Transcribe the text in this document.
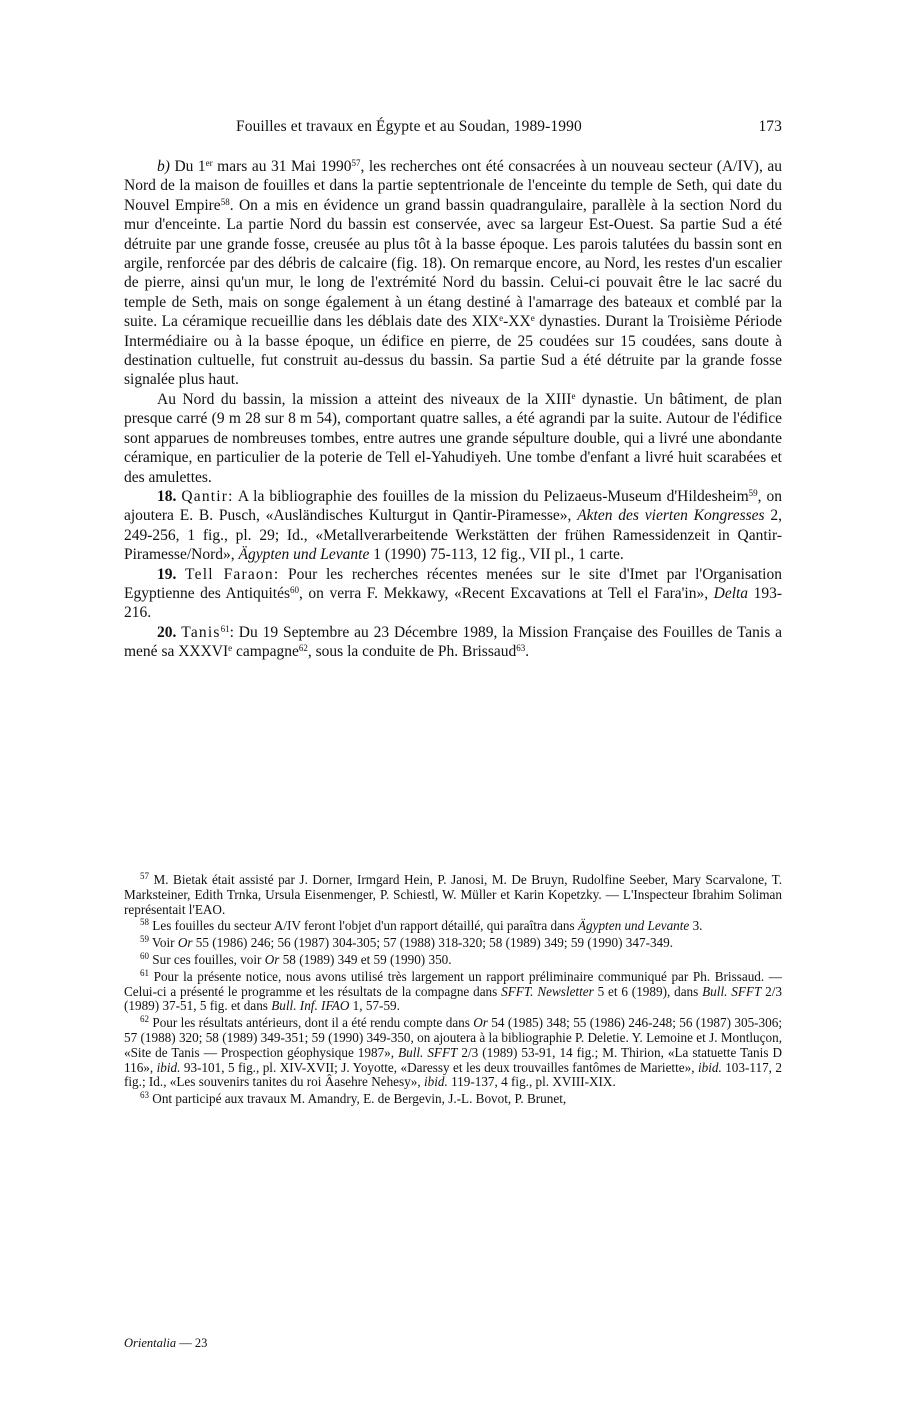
Fouilles et travaux en Égypte et au Soudan, 1989-1990	173

b) Du 1er mars au 31 Mai 1990$^{57}$, les recherches ont été consacrées à un nouveau secteur (A/IV), au Nord de la maison de fouilles et dans la partie septentrionale de l'enceinte du temple de Seth, qui date du Nouvel Empire$^{58}$. On a mis en évidence un grand bassin quadrangulaire, parallèle à la section Nord du mur d'enceinte. La partie Nord du bassin est conservée, avec sa largeur Est-Ouest. Sa partie Sud a été détruite par une grande fosse, creusée au plus tôt à la basse époque. Les parois talutées du bassin sont en argile, renforcée par des débris de calcaire (fig. 18). On remarque encore, au Nord, les restes d'un escalier de pierre, ainsi qu'un mur, le long de l'extrémité Nord du bassin. Celui-ci pouvait être le lac sacré du temple de Seth, mais on songe également à un étang destiné à l'amarrage des bateaux et comblé par la suite. La céramique recueillie dans les déblais date des XIXe-XXe dynasties. Durant la Troisième Période Intermédiaire ou à la basse époque, un édifice en pierre, de 25 coudées sur 15 coudées, sans doute à destination cultuelle, fut construit au-dessus du bassin. Sa partie Sud a été détruite par la grande fosse signalée plus haut.

Au Nord du bassin, la mission a atteint des niveaux de la XIIIe dynastie. Un bâtiment, de plan presque carré (9 m 28 sur 8 m 54), comportant quatre salles, a été agrandi par la suite. Autour de l'édifice sont apparues de nombreuses tombes, entre autres une grande sépulture double, qui a livré une abondante céramique, en particulier de la poterie de Tell el-Yahudiyeh. Une tombe d'enfant a livré huit scarabées et des amulettes.

18. Qantir: A la bibliographie des fouilles de la mission du Pelizaeus-Museum d'Hildesheim$^{59}$, on ajoutera E. B. Pusch, «Ausländisches Kulturgut in Qantir-Piramesse», Akten des vierten Kongresses 2, 249-256, 1 fig., pl. 29; Id., «Metallverarbeitende Werkstätten der frühen Ramessidenzeit in Qantir-Piramesse/Nord», Ägypten und Levante 1 (1990) 75-113, 12 fig., VII pl., 1 carte.

19. Tell Faraon: Pour les recherches récentes menées sur le site d'Imet par l'Organisation Egyptienne des Antiquités$^{60}$, on verra F. Mekkawy, «Recent Excavations at Tell el Fara'in», Delta 193-216.

20. Tanis$^{61}$: Du 19 Septembre au 23 Décembre 1989, la Mission Française des Fouilles de Tanis a mené sa XXXVIe campagne$^{62}$, sous la conduite de Ph. Brissaud$^{63}$.

$^{57}$ M. Bietak était assisté par J. Dorner, Irmgard Hein, P. Janosi, M. De Bruyn, Rudolfine Seeber, Mary Scarvalone, T. Marksteiner, Edith Trnka, Ursula Eisenmenger, P. Schiestl, W. Müller et Karin Kopetzky. — L'Inspecteur Ibrahim Soliman représentait l'EAO.

$^{58}$ Les fouilles du secteur A/IV feront l'objet d'un rapport détaillé, qui paraîtra dans Ägypten und Levante 3.

$^{59}$ Voir Or 55 (1986) 246; 56 (1987) 304-305; 57 (1988) 318-320; 58 (1989) 349; 59 (1990) 347-349.

$^{60}$ Sur ces fouilles, voir Or 58 (1989) 349 et 59 (1990) 350.

$^{61}$ Pour la présente notice, nous avons utilisé très largement un rapport préliminaire communiqué par Ph. Brissaud. — Celui-ci a présenté le programme et les résultats de la compagne dans SFFT. Newsletter 5 et 6 (1989), dans Bull. SFFT 2/3 (1989) 37-51, 5 fig. et dans Bull. Inf. IFAO 1, 57-59.

$^{62}$ Pour les résultats antérieurs, dont il a été rendu compte dans Or 54 (1985) 348; 55 (1986) 246-248; 56 (1987) 305-306; 57 (1988) 320; 58 (1989) 349-351; 59 (1990) 349-350, on ajoutera à la bibliographie P. Deletie. Y. Lemoine et J. Montluçon, «Site de Tanis — Prospection géophysique 1987», Bull. SFFT 2/3 (1989) 53-91, 14 fig.; M. Thirion, «La statuette Tanis D 116», ibid. 93-101, 5 fig., pl. XIV-XVII; J. Yoyotte, «Daressy et les deux trouvailles fantômes de Mariette», ibid. 103-117, 2 fig.; Id., «Les souvenirs tanites du roi Âasehre Nehesy», ibid. 119-137, 4 fig., pl. XVIII-XIX.

$^{63}$ Ont participé aux travaux M. Amandry, E. de Bergevin, J.-L. Bovot, P. Brunet,

Orientalia — 23
